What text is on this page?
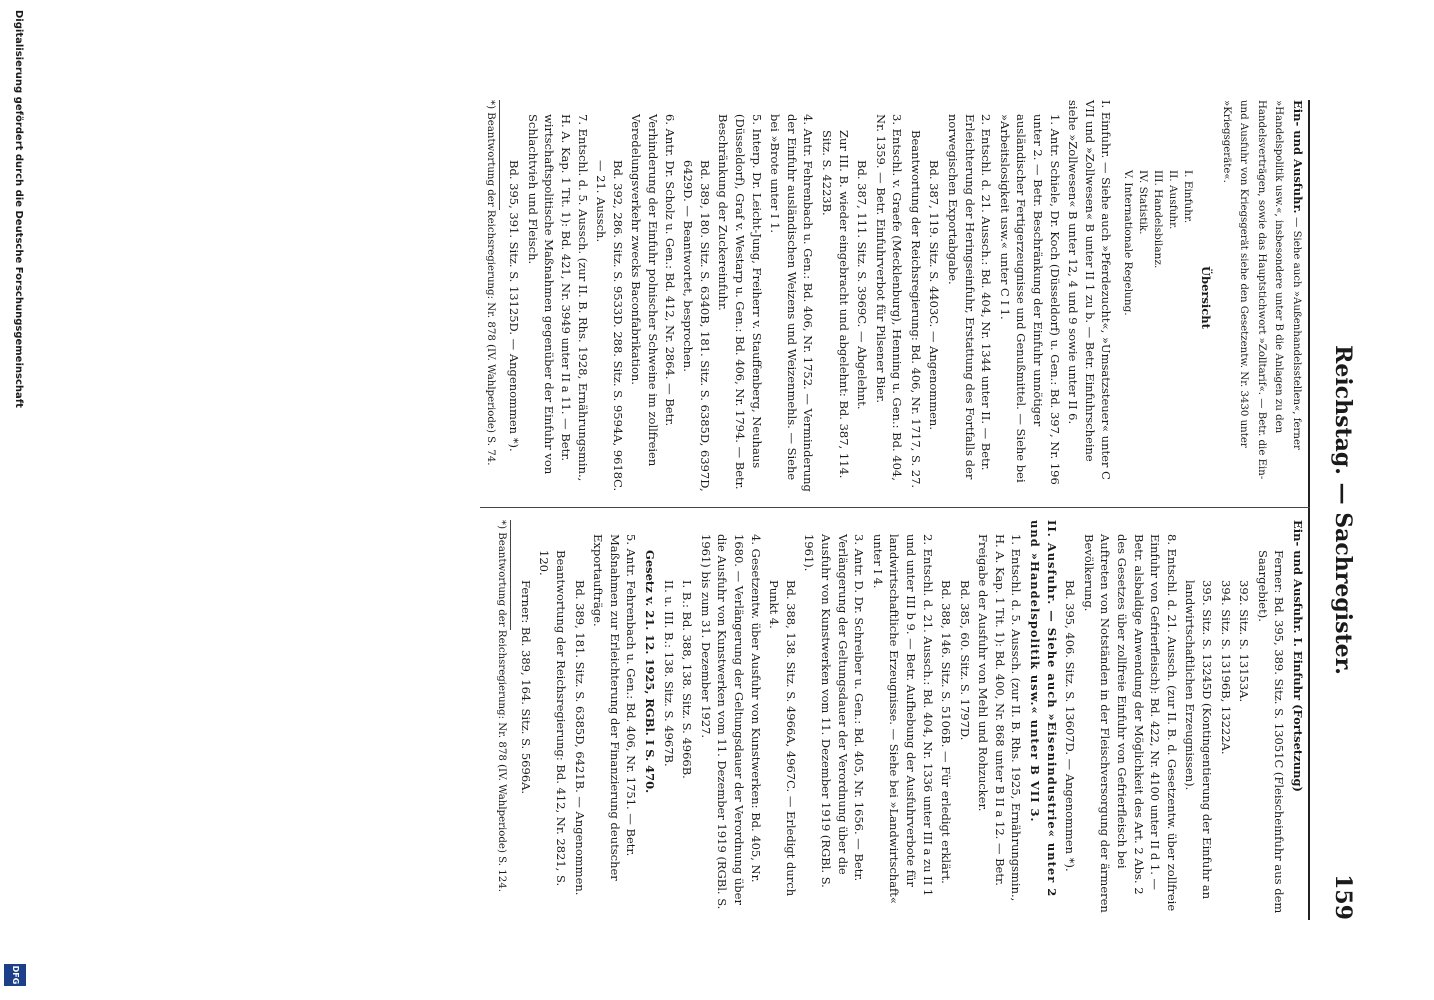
Reichstag. — Sachregister.
159

Ein- und Ausfuhr. — Siehe auch »Außenhandelsstellen«, ferner »Handelspolitik usw.«, insbesondere unter B die Anlagen zu den Handelsverträgen, sowie das Hauptstichwort »Zolltarif«. — Betr. die Ein- und Ausfuhr von Kriegsgerät siehe den Gesetzentw. Nr. 3430 unter »Kriegsgeräte«.

Übersicht
I. Einfuhr.
II. Ausfuhr.
III. Handelsbilanz.
IV. Statistik.
V. Internationale Regelung.

I. Einfuhr. — Siehe auch »Pferdezucht«, »Umsatzsteuer« unter C VII und »Zollwesen« B unter II 1 zu b. — Betr. Einfuhrscheine siehe »Zollwesen« B unter 12, 4 und 9 sowie unter II 6.

1. Antr. Schiele, Dr. Koch (Düsseldorf) u. Gen.: Bd. 397, Nr. 196 unter 2. — Betr. Beschränkung der Einfuhr unnötiger ausländischer Fertigerzeugnisse und Genußmittel. — Siehe bei »Arbeitslosigkeit usw.« unter C I 1.

2. Entschl. d. 21. Aussch.: Bd. 404, Nr. 1344 unter II. — Betr. Erleichterung der Heringseinfuhr, Erstattung des Fortfalls der norwegischen Exportabgabe.

Bd. 387, 119. Sitz. S. 4403C. — Angenommen.

Beantwortung der Reichsregierung: Bd. 406, Nr. 1717, S. 27.

3. Entschl. v. Graefe (Mecklenburg), Henning u. Gen.: Bd. 404, Nr. 1359. — Betr. Einfuhrverbot für Pilsener Bier.

Bd. 387, 111. Sitz. S. 3969C. — Abgelehnt.

Zur III. B. wieder eingebracht und abgelehnt: Bd. 387, 114. Sitz. S. 4223B.

4. Antr. Fehrenbach u. Gen.: Bd. 406, Nr. 1752. — Verminderung der Einfuhr ausländischen Weizens und Weizenmehls. — Siehe bei »Brote unter I 1.

5. Interp. Dr. Leicht-Jung, Freiherr v. Stauffenberg, Neuhaus (Düsseldorf), Graf v. Westarp u. Gen.: Bd. 406, Nr. 1794. — Betr. Beschränkung der Zuckereinfuhr.

Bd. 389, 180. Sitz. S. 6340B, 181. Sitz. S. 6385D, 6397D, 6429D. — Beantwortet, besprochen.

6. Antr. Dr. Scholz u. Gen.: Bd. 412, Nr. 2864. — Betr. Verhinderung der Einfuhr polnischer Schweine im zollfreien Veredelungsverkehr zwecks Baconfabrikation.

Bd. 392, 286. Sitz. S. 9533D. 288. Sitz. S. 9594A, 9618C. — 21. Aussch.

7. Entschl. d. 5. Aussch. (zur II. B. Rhs. 1928, Ernährungsmin., H. A. Kap. 1 Tit. 1): Bd. 421, Nr. 3949 unter II a 11. — Betr. wirtschaftspolitische Maßnahmen gegenüber der Einfuhr von Schlachtvieh und Fleisch.

Bd. 395, 391. Sitz. S. 13125D. — Angenommen *).

*) Beantwortung der Reichsregierung: Nr. 878 (IV. Wahlperiode) S. 74.

Ein- und Ausfuhr. I. Einfuhr (Fortsetzung)

Ferner: Bd. 395, 389. Sitz. S. 13051C (Fleischeinfuhr aus dem Saargebiet).

392. Sitz. S. 13153A.

394. Sitz. S. 13196B, 13222A.

395. Sitz. S. 13245D (Kontingentierung der Einfuhr an landwirtschaftlichen Erzeugnissen).

8. Entschl. d. 21. Aussch. (zur II. B. d. Gesetzentw. über zollfreie Einfuhr von Gefrierfleisch): Bd. 422, Nr. 4100 unter II d 1. — Betr. alsbaldige Anwendung der Möglichkeit des Art. 2 Abs. 2 des Gesetzes über zollfreie Einfuhr von Gefrierfleisch bei Auftreten von Notständen in der Fleischversorgung der ärmeren Bevölkerung.

Bd. 395, 406. Sitz. S. 13607D. — Angenommen *).

II. Ausfuhr. — Siehe auch »Eisenindustrie« unter 2 und »Handelspolitik usw.« unter B VII 3.

1. Entschl. d. 5. Aussch. (zur II. B. Rhs. 1925, Ernährungsmin., H. A. Kap. 1 Tit. 1): Bd. 400, Nr. 868 unter B II a 12. — Betr. Freigabe der Ausfuhr von Mehl und Rohzucker.

Bd. 385, 60. Sitz. S. 1797D.

Bd. 388, 146. Sitz. S. 5106B. — Für erledigt erklärt.

2. Entschl. d. 21. Aussch.: Bd. 404, Nr. 1336 unter III a zu II 1 und unter III b 9. — Betr. Aufhebung der Ausfuhrverbote für landwirtschaftliche Erzeugnisse. — Siehe bei »Landwirtschaft« unter I 4.

3. Antr. D. Dr. Schreiber u. Gen.: Bd. 405, Nr. 1656. — Betr. Verlängerung der Geltungsdauer der Verordnung über die Ausfuhr von Kunstwerken vom 11. Dezember 1919 (RGBl. S. 1961).

Bd. 388, 138. Sitz. S. 4966A, 4967C. — Erledigt durch Punkt 4.

4. Gesetzentw. über Ausfuhr von Kunstwerken: Bd. 405, Nr. 1680. — Verlängerung der Geltungsdauer der Verordnung über die Ausfuhr von Kunstwerken vom 11. Dezember 1919 (RGBl. S. 1961) bis zum 31. Dezember 1927.

I. B.: Bd. 388, 138. Sitz. S. 4966B.

II. u. III. B.: 138. Sitz. S. 4967B.

Gesetz v. 21. 12. 1925, RGBl. I S. 470.

5. Antr. Fehrenbach u. Gen.: Bd. 406, Nr. 1751. — Betr. Maßnahmen zur Erleichterung der Finanzierung deutscher Exportaufträge.

Bd. 389, 181. Sitz. S. 6385D, 6421B. — Angenommen.

Beantwortung der Reichsregierung: Bd. 412, Nr. 2821, S. 120.

Ferner: Bd. 389, 164. Sitz. S. 5696A.

*) Beantwortung der Reichsregierung: Nr. 878 (IV. Wahlperiode) S. 124.

Digitalisierung gefördert durch die Deutsche Forschungsgemeinschaft
DFG
